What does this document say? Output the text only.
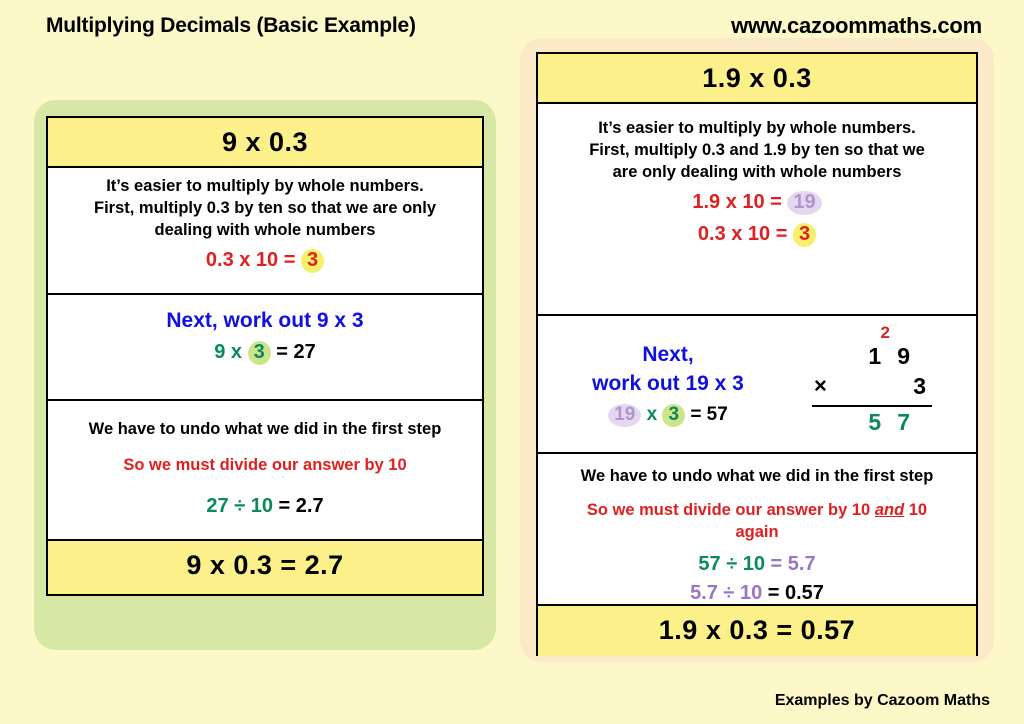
Multiplying Decimals (Basic Example)	www.cazoommaths.com
9 x 0.3
It’s easier to multiply by whole numbers.
First, multiply 0.3 by ten so that we are only
dealing with whole numbers
0.3 x 10 = 3
Next, work out 9 x 3
9 x 3 = 27
We have to undo what we did in the first step
So we must divide our answer by 10
27 ÷ 10 = 2.7
9 x 0.3 = 2.7
1.9 x 0.3
It’s easier to multiply by whole numbers.
First, multiply 0.3 and 1.9 by ten so that we
are only dealing with whole numbers
1.9 x 10 = 19
0.3 x 10 = 3
Next,
work out 19 x 3
19 x 3 = 57
2
19
×	3
57
We have to undo what we did in the first step
So we must divide our answer by 10 and 10
again
57 ÷ 10 = 5.7
5.7 ÷ 10 = 0.57
1.9 x 0.3 = 0.57
Examples by Cazoom Maths
